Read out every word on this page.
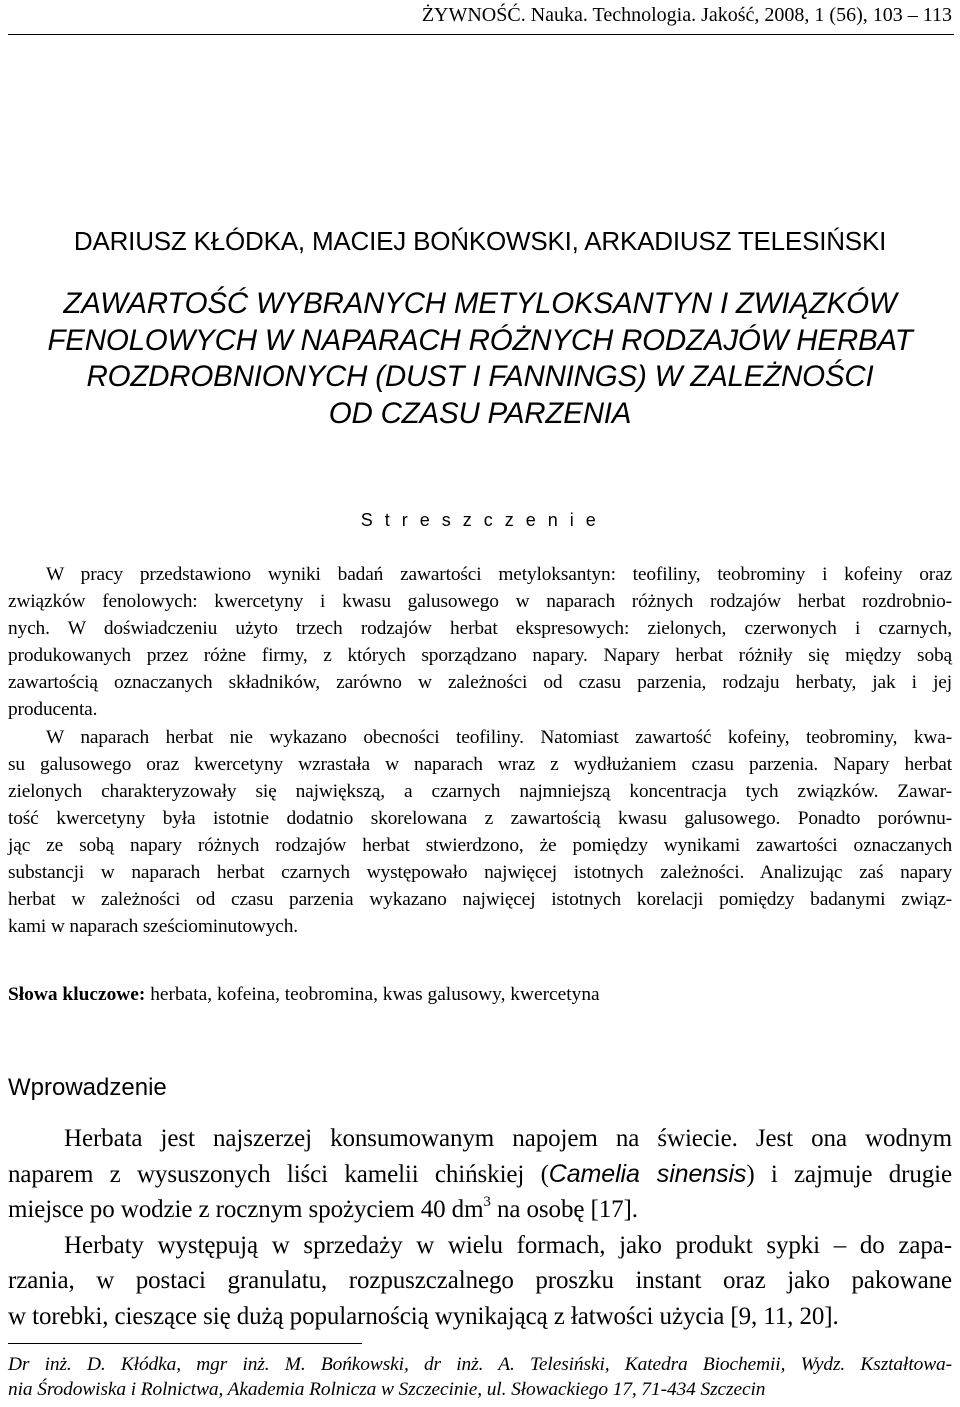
ŻYWNOŚĆ. Nauka. Technologia. Jakość, 2008, 1 (56), 103 – 113
DARIUSZ KŁÓDKA, MACIEJ BOŃKOWSKI, ARKADIUSZ TELESIŃSKI
ZAWARTOŚĆ WYBRANYCH METYLOKSANTYN I ZWIĄZKÓW
FENOLOWYCH W NAPARACH RÓŻNYCH RODZAJÓW HERBAT
ROZDROBNIONYCH (DUST I FANNINGS) W ZALEŻNOŚCI
OD CZASU PARZENIA
S t r e s z c z e n i e
W pracy przedstawiono wyniki badań zawartości metyloksantyn: teofiliny, teobrominy i kofeiny oraz
związków fenolowych: kwercetyny i kwasu galusowego w naparach różnych rodzajów herbat rozdrobnio-
nych. W doświadczeniu użyto trzech rodzajów herbat ekspresowych: zielonych, czerwonych i czarnych,
produkowanych przez różne firmy, z których sporządzano napary. Napary herbat różniły się między sobą
zawartością oznaczanych składników, zarówno w zależności od czasu parzenia, rodzaju herbaty, jak i jej
producenta.
W naparach herbat nie wykazano obecności teofiliny. Natomiast zawartość kofeiny, teobrominy, kwa-
su galusowego oraz kwercetyny wzrastała w naparach wraz z wydłużaniem czasu parzenia. Napary herbat
zielonych charakteryzowały się największą, a czarnych najmniejszą koncentracja tych związków. Zawar-
tość kwercetyny była istotnie dodatnio skorelowana z zawartością kwasu galusowego. Ponadto porównu-
jąc ze sobą napary różnych rodzajów herbat stwierdzono, że pomiędzy wynikami zawartości oznaczanych
substancji w naparach herbat czarnych występowało najwięcej istotnych zależności. Analizując zaś napary
herbat w zależności od czasu parzenia wykazano najwięcej istotnych korelacji pomiędzy badanymi związ-
kami w naparach sześciominutowych.
Słowa kluczowe: herbata, kofeina, teobromina, kwas galusowy, kwercetyna
Wprowadzenie
Herbata jest najszerzej konsumowanym napojem na świecie. Jest ona wodnym
naparem z wysuszonych liści kamelii chińskiej (Camelia sinensis) i zajmuje drugie
miejsce po wodzie z rocznym spożyciem 40 $dm^3$ na osobę [17].
Herbaty występują w sprzedaży w wielu formach, jako produkt sypki – do zapa-
rzania, w postaci granulatu, rozpuszczalnego proszku instant oraz jako pakowane
w torebki, cieszące się dużą popularnością wynikającą z łatwości użycia [9, 11, 20].
Dr inż. D. Kłódka, mgr inż. M. Bońkowski, dr inż. A. Telesiński, Katedra Biochemii, Wydz. Kształtowa-
nia Środowiska i Rolnictwa, Akademia Rolnicza w Szczecinie, ul. Słowackiego 17, 71-434 Szczecin
